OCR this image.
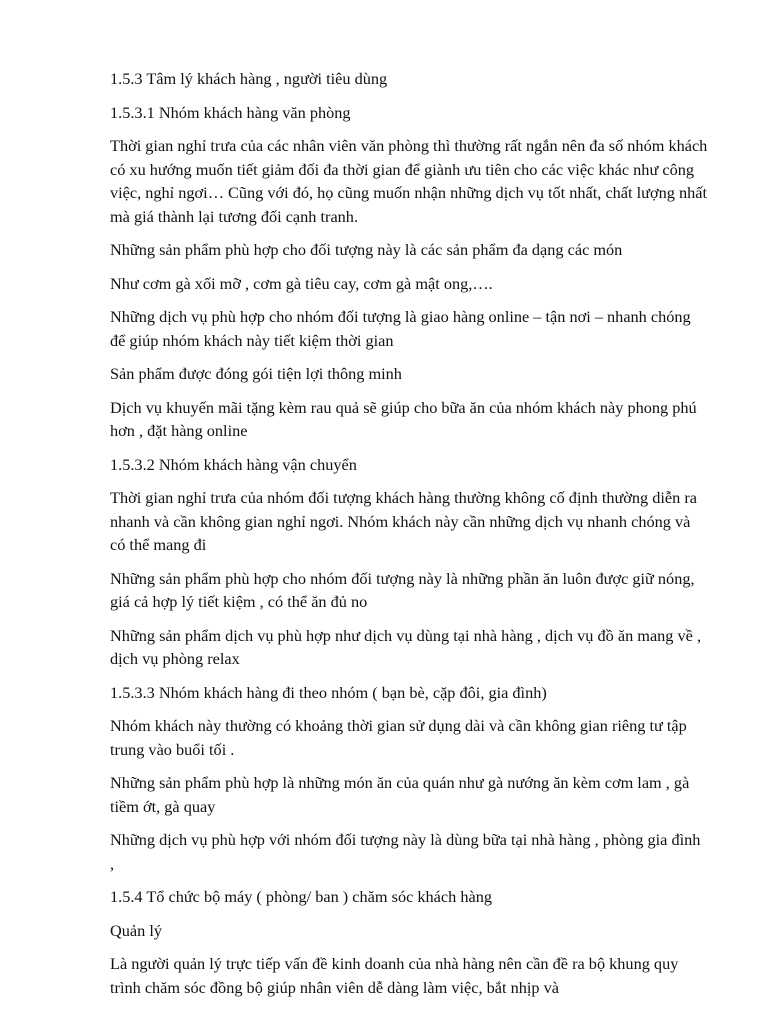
1.5.3 Tâm lý khách hàng , người tiêu dùng

1.5.3.1 Nhóm khách hàng văn phòng

Thời gian nghỉ trưa của các nhân viên văn phòng thì thường rất ngắn nên đa số nhóm khách có xu hướng muốn tiết giảm đối đa thời gian để giành ưu tiên cho các việc khác như công việc, nghỉ ngơi… Cũng với đó, họ cũng muốn nhận những dịch vụ tốt nhất, chất lượng nhất mà giá thành lại tương đối cạnh tranh.

Những sản phẩm phù hợp cho đối tượng này là các sản phẩm đa dạng các món

Như cơm gà xối mỡ , cơm gà tiêu cay, cơm gà mật ong,….

Những dịch vụ phù hợp cho nhóm đối tượng là giao hàng online – tận nơi – nhanh chóng để giúp nhóm khách này tiết kiệm thời gian

Sản phẩm được đóng gói tiện lợi thông minh

Dịch vụ khuyến mãi tặng kèm rau quả sẽ giúp cho bữa ăn của nhóm khách này phong phú hơn , đặt hàng online

1.5.3.2 Nhóm khách hàng vận chuyển

Thời gian nghỉ trưa của nhóm đối tượng khách hàng thường không cố định thường diễn ra nhanh và cần không gian nghỉ ngơi. Nhóm khách này cần những dịch vụ nhanh chóng và có thể mang đi

Những sản phẩm phù hợp cho nhóm đối tượng này là những phần ăn luôn được giữ nóng, giá cả hợp lý tiết kiệm , có thể ăn đủ no

Những sản phẩm dịch vụ phù hợp như dịch vụ dùng tại nhà hàng , dịch vụ đồ ăn mang về , dịch vụ phòng relax

1.5.3.3 Nhóm khách hàng đi theo nhóm ( bạn bè, cặp đôi, gia đình)

Nhóm khách này thường có khoảng thời gian sử dụng dài và cần không gian riêng tư tập trung vào buổi tối .

Những sản phẩm phù hợp là những món ăn của quán như gà nướng ăn kèm cơm lam , gà tiềm ớt, gà quay

Những dịch vụ phù hợp với nhóm đối tượng này là dùng bữa tại nhà hàng , phòng gia đình ,

1.5.4 Tổ chức bộ máy ( phòng/ ban ) chăm sóc khách hàng

Quản lý

Là người quản lý trực tiếp vấn đề kinh doanh của nhà hàng nên cần đề ra bộ khung quy trình chăm sóc đồng bộ giúp nhân viên dễ dàng làm việc, bắt nhịp và
